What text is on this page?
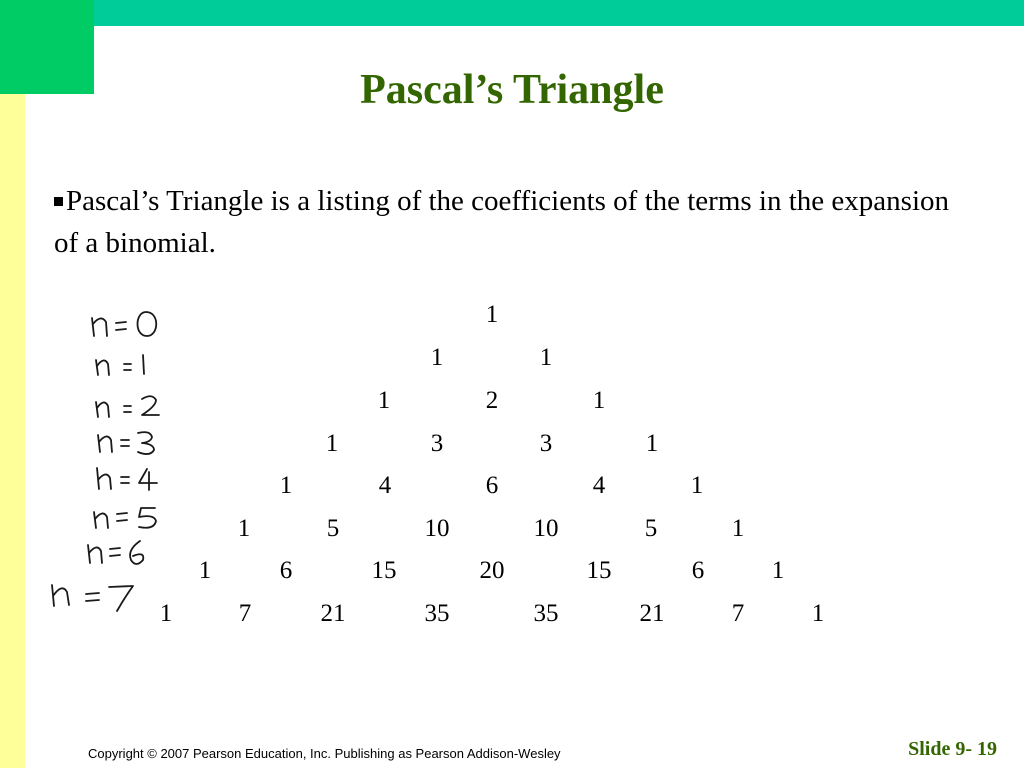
Pascal’s Triangle
Pascal’s Triangle is a listing of the coefficients of the terms in the expansion of a binomial.
1
1	1
1	2	1
1	3	3	1
1	4	6	4	1
1	5	10	10	5	1
1	6	15	20	15	6	1
1	7	21	35	35	21	7	1
Copyright © 2007 Pearson Education, Inc. Publishing as Pearson Addison-Wesley	Slide 9- 19
